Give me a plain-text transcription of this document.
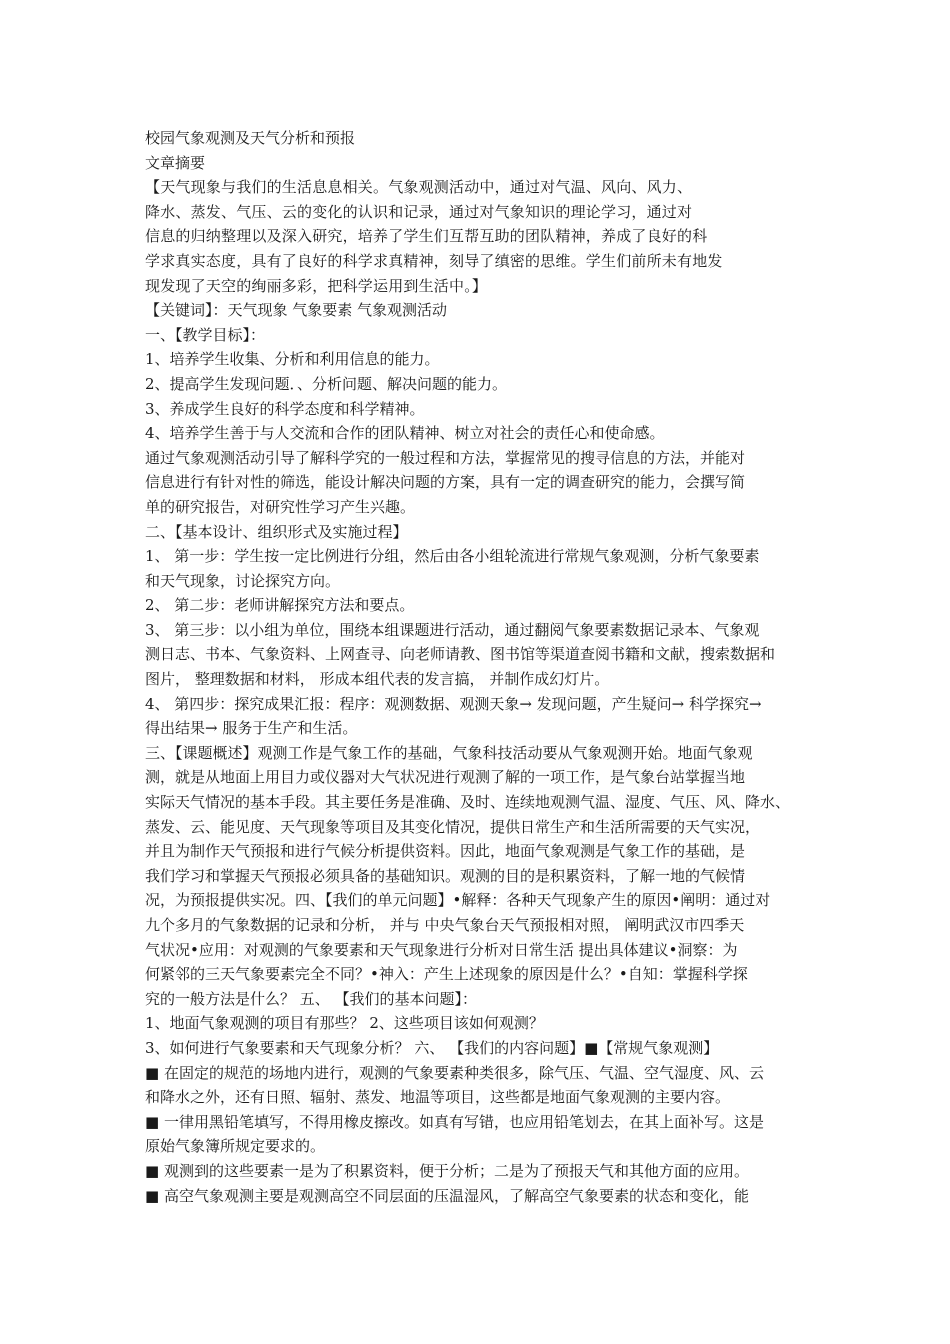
校园气象观测及天气分析和预报
文章摘要
【天气现象与我们的生活息息相关。气象观测活动中，通过对气温、风向、风力、
降水、蒸发、气压、云的变化的认识和记录，通过对气象知识的理论学习，通过对
信息的归纳整理以及深入研究，培养了学生们互帮互助的团队精神，养成了良好的科
学求真实态度，具有了良好的科学求真精神，刻导了缜密的思维。学生们前所未有地发
现发现了天空的绚丽多彩，把科学运用到生活中。】
【关键词】：天气现象 气象要素 气象观测活动
一、【教学目标】：
1、培养学生收集、分析和利用信息的能力。
2、提高学生发现问题．、分析问题、解决问题的能力。
3、养成学生良好的科学态度和科学精神。
4、培养学生善于与人交流和合作的团队精神、树立对社会的责任心和使命感。
通过气象观测活动引导了解科学究的一般过程和方法，掌握常见的搜寻信息的方法，并能对
信息进行有针对性的筛选，能设计解决问题的方案，具有一定的调查研究的能力，会撰写简
单的研究报告，对研究性学习产生兴趣。
二、【基本设计、组织形式及实施过程】
1、 第一步：学生按一定比例进行分组，然后由各小组轮流进行常规气象观测，分析气象要素
和天气现象，讨论探究方向。
2、 第二步：老师讲解探究方法和要点。
3、 第三步：以小组为单位，围绕本组课题进行活动，通过翻阅气象要素数据记录本、气象观
测日志、书本、气象资料、上网查寻、向老师请教、图书馆等渠道查阅书籍和文献，搜索数据和
图片， 整理数据和材料， 形成本组代表的发言搞， 并制作成幻灯片。
4、 第四步：探究成果汇报：程序：观测数据、观测天象→ 发现问题，产生疑问→ 科学探究→
得出结果→ 服务于生产和生活。
三、【课题概述】观测工作是气象工作的基础，气象科技活动要从气象观测开始。地面气象观
测，就是从地面上用目力或仪器对大气状况进行观测了解的一项工作，是气象台站掌握当地
实际天气情况的基本手段。其主要任务是准确、及时、连续地观测气温、湿度、气压、风、降水、
蒸发、云、能见度、天气现象等项目及其变化情况，提供日常生产和生活所需要的天气实况，
并且为制作天气预报和进行气候分析提供资料。因此，地面气象观测是气象工作的基础，是
我们学习和掌握天气预报必须具备的基础知识。观测的目的是积累资料，了解一地的气候情
况，为预报提供实况。四、【我们的单元问题】•解释：各种天气现象产生的原因•阐明：通过对
九个多月的气象数据的记录和分析， 并与 中央气象台天气预报相对照， 阐明武汉市四季天
气状况•应用：对观测的气象要素和天气现象进行分析对日常生活 提出具体建议•洞察：为
何紧邻的三天气象要素完全不同？•神入：产生上述现象的原因是什么？•自知：掌握科学探
究的一般方法是什么？ 五、 【我们的基本问题】：
1、地面气象观测的项目有那些？ 2、这些项目该如何观测？
3、如何进行气象要素和天气现象分析？ 六、 【我们的内容问题】■【常规气象观测】
■ 在固定的规范的场地内进行，观测的气象要素种类很多，除气压、气温、空气湿度、风、云
和降水之外，还有日照、辐射、蒸发、地温等项目，这些都是地面气象观测的主要内容。
■ 一律用黑铅笔填写，不得用橡皮擦改。如真有写错，也应用铅笔划去，在其上面补写。这是
原始气象簿所规定要求的。
■ 观测到的这些要素一是为了积累资料，便于分析；二是为了预报天气和其他方面的应用。
■ 高空气象观测主要是观测高空不同层面的压温湿风，了解高空气象要素的状态和变化，能
